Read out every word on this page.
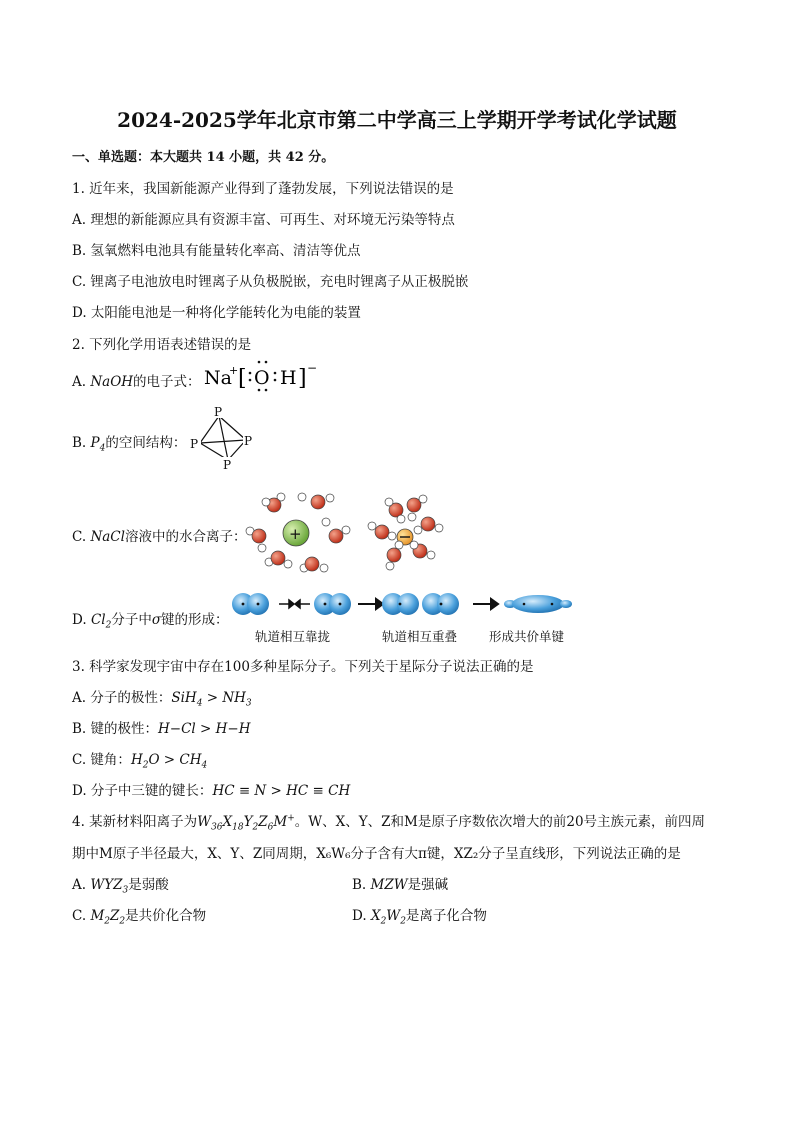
2024-2025学年北京市第二中学高三上学期开学考试化学试题
一、单选题：本大题共 14 小题，共 42 分。
1. 近年来，我国新能源产业得到了蓬勃发展，下列说法错误的是
A. 理想的新能源应具有资源丰富、可再生、对环境无污染等特点
B. 氢氧燃料电池具有能量转化率高、清洁等优点
C. 锂离子电池放电时锂离子从负极脱嵌，充电时锂离子从正极脱嵌
D. 太阳能电池是一种将化学能转化为电能的装置
2. 下列化学用语表述错误的是
A. NaOH的电子式： Na
+ [ O H ] −
B. $P_4$的空间结构：
P
P	P
P
C. NaCl溶液中的水合离子：	+
D. $Cl_2$分子中σ键的形成：
轨道相互靠拢	轨道相互重叠	形成共价单键
3. 科学家发现宇宙中存在100多种星际分子。下列关于星际分子说法正确的是
A. 分子的极性：$SiH_4 > NH_3$
B. 键的极性：H−Cl > H−H
C. 键角：$H_2O > CH_4$
D. 分子中三键的键长：HC ≡ N > HC ≡ CH
4. 某新材料阳离子为$W_{36}X_{18}Y_2Z_6M^+$。W、X、Y、Z和M是原子序数依次增大的前20号主族元素，前四周
期中M原子半径最大，X、Y、Z同周期，X₆W₆分子含有大π键，XZ₂分子呈直线形，下列说法正确的是
A. $WYZ_3$是弱酸	B. MZW是强碱
C. $M_2Z_2$是共价化合物	D. $X_2W_2$是离子化合物
